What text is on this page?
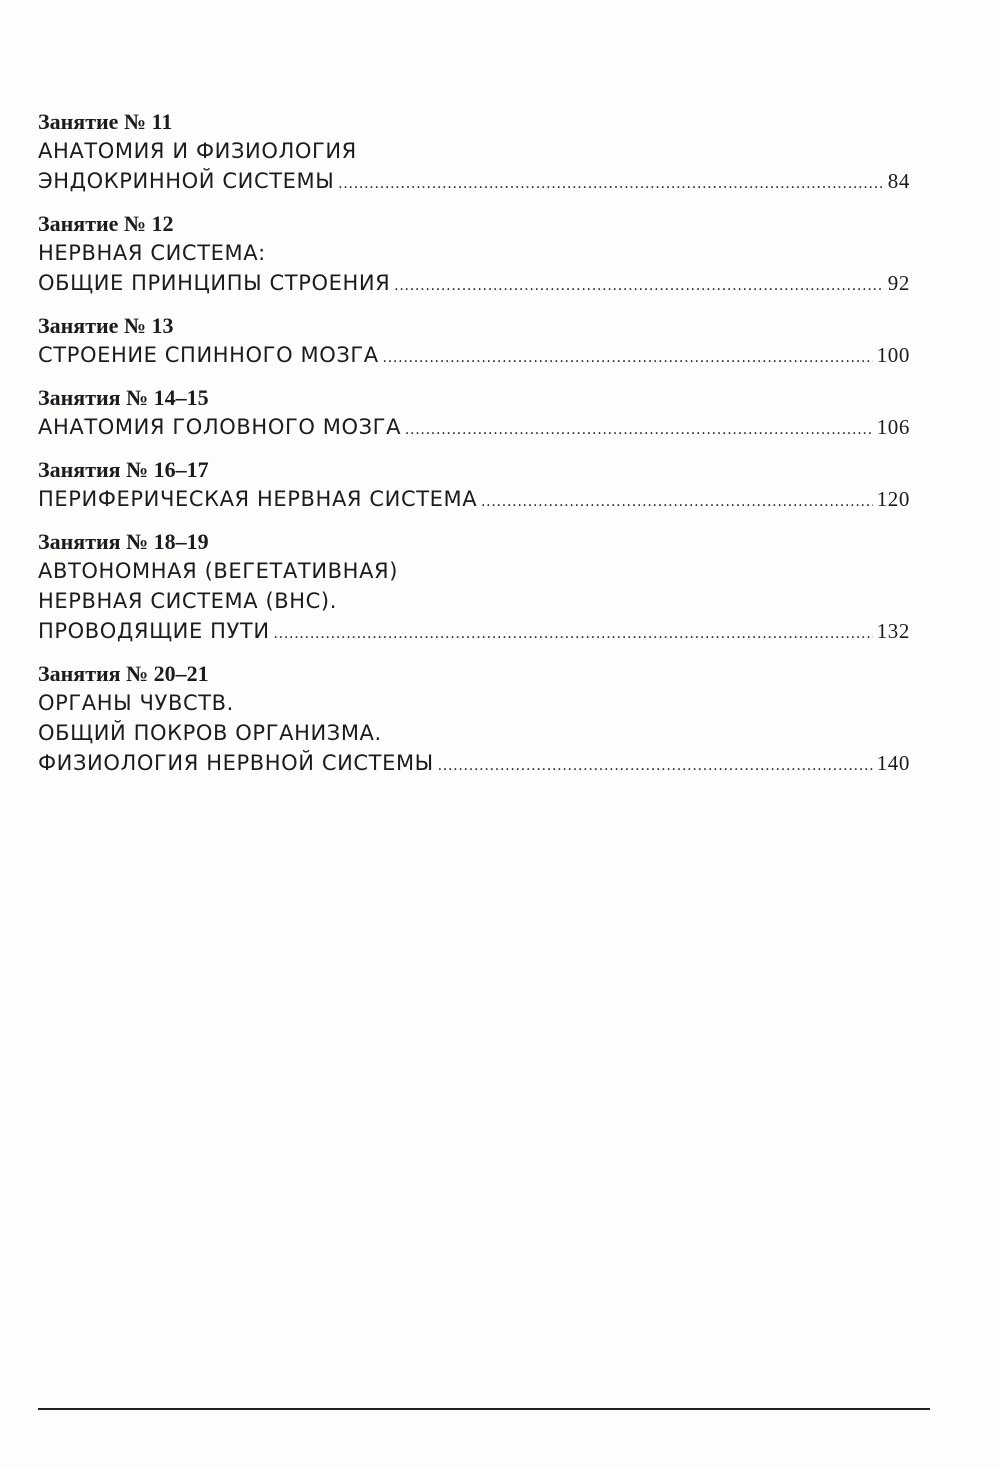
Занятие № 11
АНАТОМИЯ И ФИЗИОЛОГИЯ
ЭНДОКРИННОЙ СИСТЕМЫ .....	84
Занятие № 12
НЕРВНАЯ СИСТЕМА:
ОБЩИЕ ПРИНЦИПЫ СТРОЕНИЯ .....	92
Занятие № 13
СТРОЕНИЕ СПИННОГО МОЗГА .....	100
Занятия № 14–15
АНАТОМИЯ ГОЛОВНОГО МОЗГА .....	106
Занятия № 16–17
ПЕРИФЕРИЧЕСКАЯ НЕРВНАЯ СИСТЕМА .....	120
Занятия № 18–19
АВТОНОМНАЯ (ВЕГЕТАТИВНАЯ)
НЕРВНАЯ СИСТЕМА (ВНС).
ПРОВОДЯЩИЕ ПУТИ .....	132
Занятия № 20–21
ОРГАНЫ ЧУВСТВ.
ОБЩИЙ ПОКРОВ ОРГАНИЗМА.
ФИЗИОЛОГИЯ НЕРВНОЙ СИСТЕМЫ .....	140
